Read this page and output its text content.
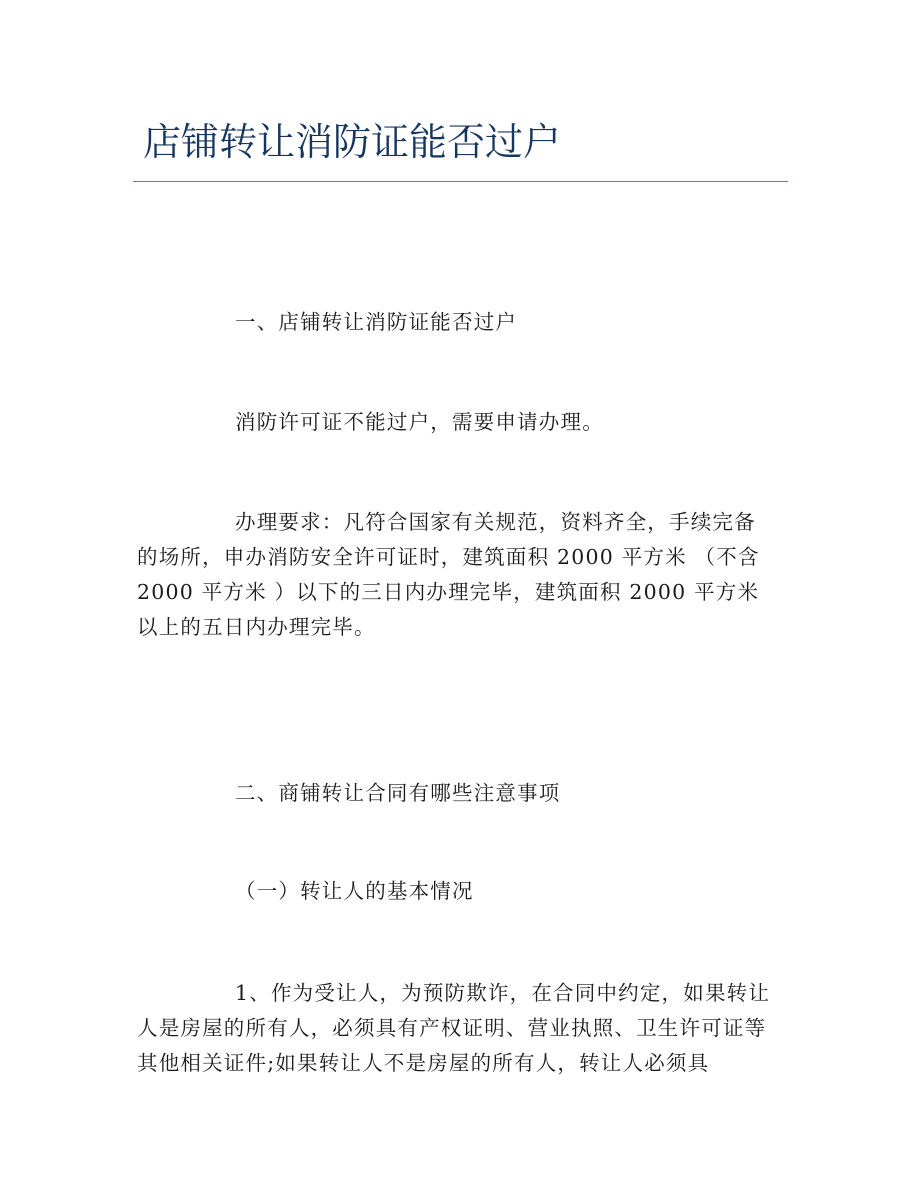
店铺转让消防证能否过户

一、店铺转让消防证能否过户

消防许可证不能过户，需要申请办理。

办理要求：凡符合国家有关规范，资料齐全，手续完备的场所，申办消防安全许可证时，建筑面积 2000 平方米 （不含 2000 平方米 ）以下的三日内办理完毕，建筑面积 2000 平方米以上的五日内办理完毕。

二、商铺转让合同有哪些注意事项

（一）转让人的基本情况

1、作为受让人，为预防欺诈，在合同中约定，如果转让人是房屋的所有人，必须具有产权证明、营业执照、卫生许可证等其他相关证件;如果转让人不是房屋的所有人，转让人必须具
